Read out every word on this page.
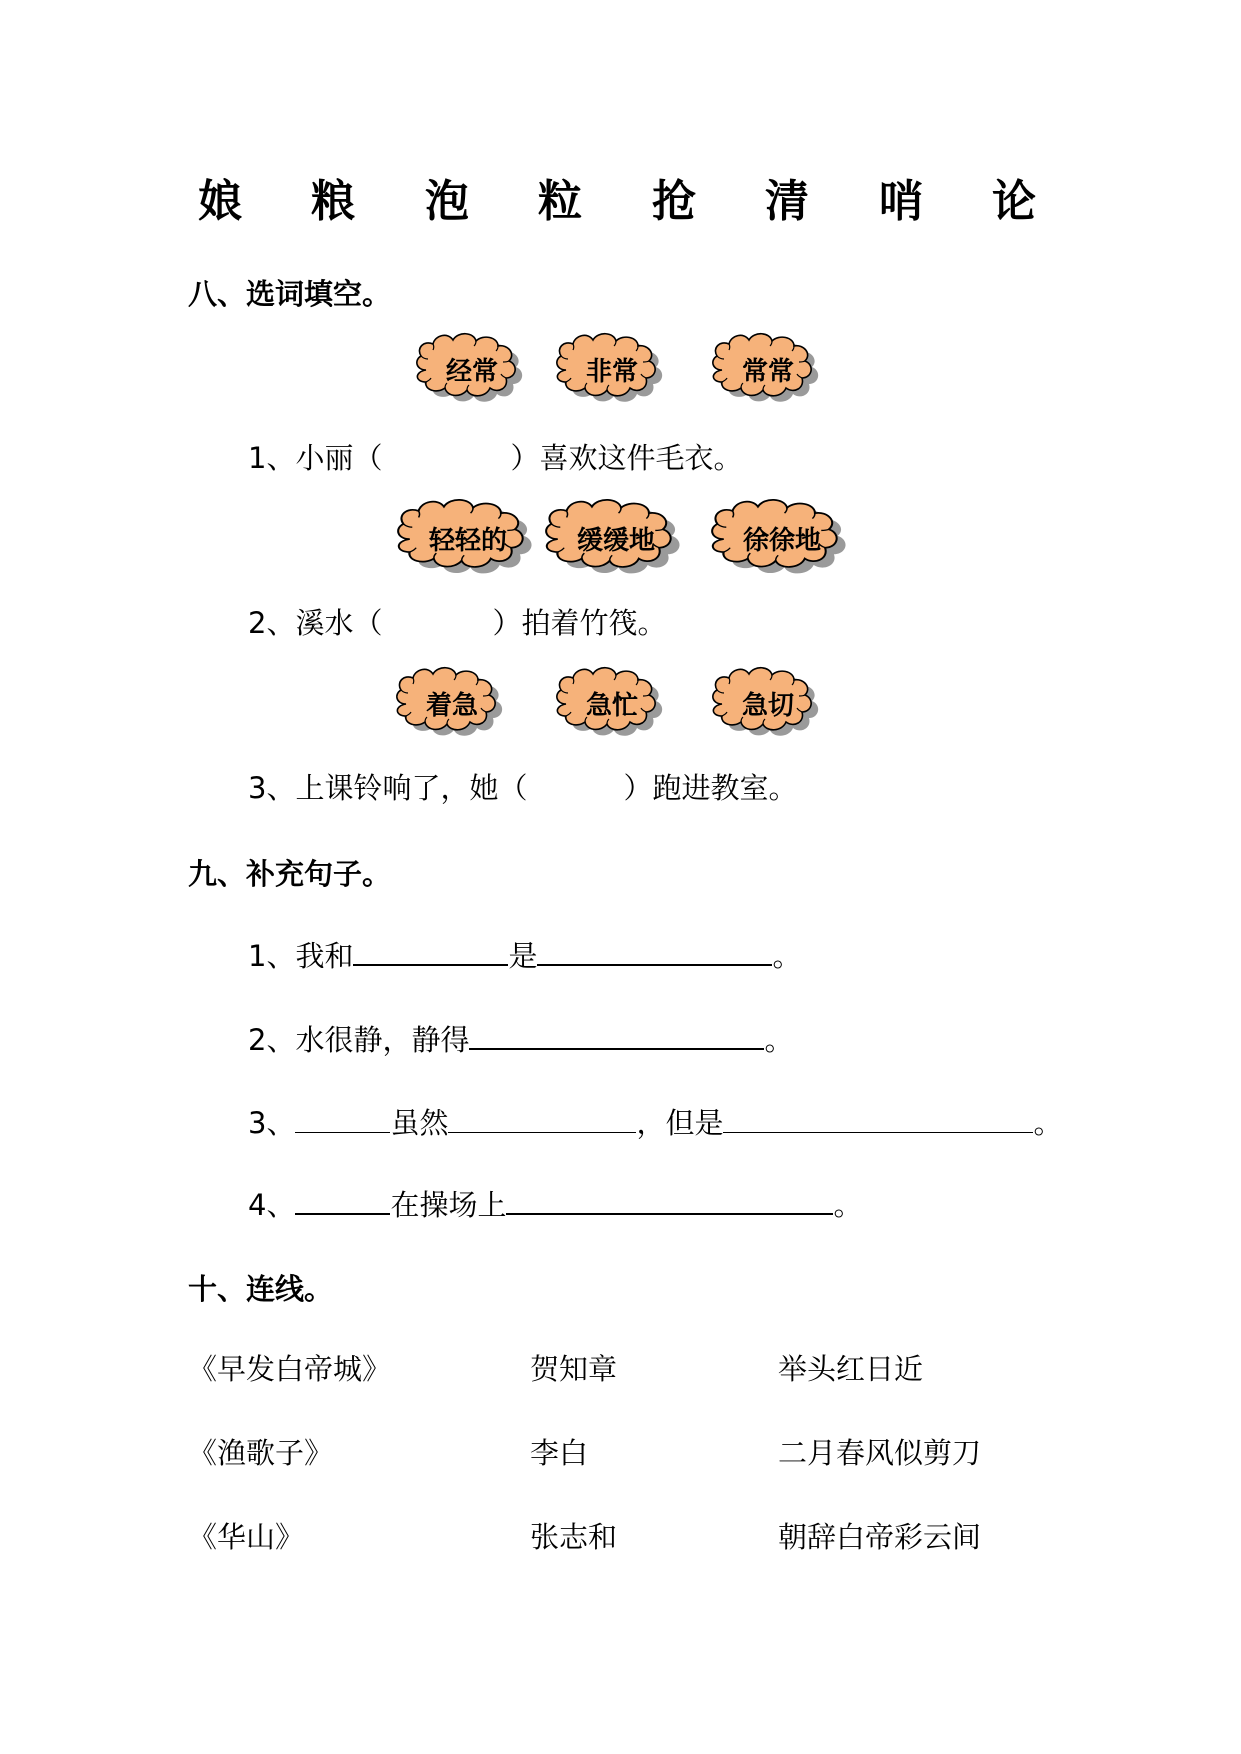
娘 粮 泡 粒 抢 清 哨 论
八、选词填空。
经常	非常	常常
1、小丽（	）喜欢这件毛衣。
轻轻的	缓缓地	徐徐地
2、溪水（	）拍着竹筏。
着急	急忙	急切
3、上课铃响了，她（	）跑进教室。
九、补充句子。
1、我和	是	。
2、水很静，静得	。
3、	虽然	，但是	。
4、	在操场上	。
十、连线。
《早发白帝城》	贺知章	举头红日近
《渔歌子》	李白	二月春风似剪刀
《华山》	张志和	朝辞白帝彩云间
